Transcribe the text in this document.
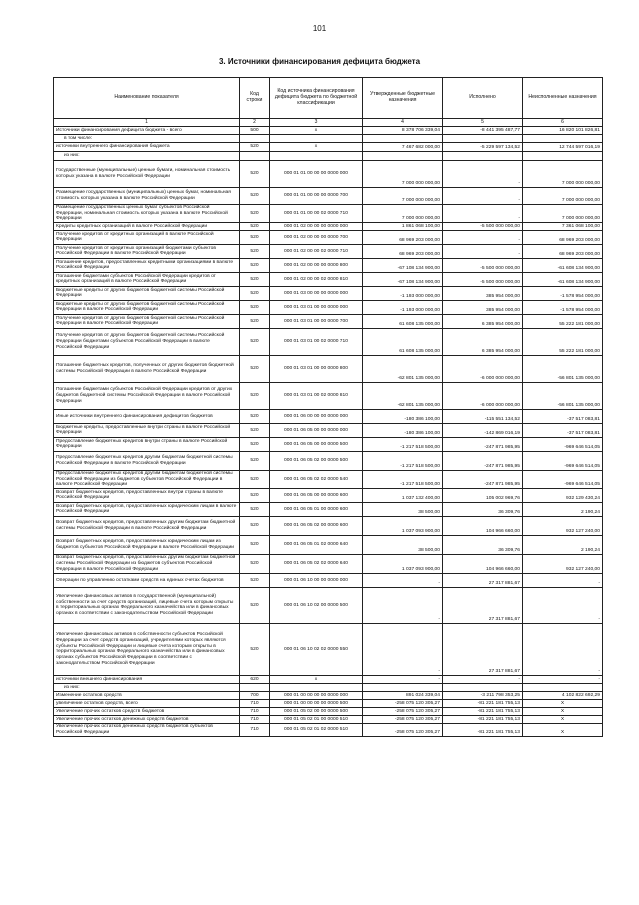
101
3. Источники финансирования дефицита бюджета
Наименование показателя	Код строки	Код источника финансирования дефицита бюджета по бюджетной классификации	Утвержденные бюджетные назначения	Исполнено	Неисполненные назначения
1	2	3	4	5	6
Источники финансирования дефицита бюджета - всего	500	x	8 378 706 339,04	-8 441 395 487,77	16 820 101 826,81
в том числе:					
источники внутреннего финансирования бюджета	520	x	7 467 682 000,00	-5 229 597 134,52	12 744 597 016,19
из них:					
Государственные (муниципальные) ценные бумаги, номинальная стоимость которых указана в валюте Российской Федерации	520	000 01 01 00 00 00 0000 000	7 000 000 000,00	-	7 000 000 000,00
Размещение государственных (муниципальных) ценных бумаг, номинальная стоимость которых указана в валюте Российской Федерации	520	000 01 01 00 00 00 0000 700	7 000 000 000,00	-	7 000 000 000,00
Размещение государственных ценных бумаг субъектов Российской Федерации, номинальная стоимость которых указана в валюте Российской Федерации	520	000 01 01 00 00 02 0000 710	7 000 000 000,00	-	7 000 000 000,00
Кредиты кредитных организаций в валюте Российской Федерации	520	000 01 02 00 00 00 0000 000	1 861 068 100,00	-5 500 000 000,00	7 361 068 100,00
Получение кредитов от кредитных организаций в валюте Российской Федерации	520	000 01 02 00 00 00 0000 700	68 969 203 000,00	-	68 969 203 000,00
Получение кредитов от кредитных организаций бюджетами субъектов Российской Федерации в валюте Российской Федерации	520	000 01 02 00 00 02 0000 710	68 969 203 000,00	-	68 969 203 000,00
Погашение кредитов, предоставленных кредитными организациями в валюте Российской Федерации	520	000 01 02 00 00 00 0000 800	-67 108 134 900,00	-5 500 000 000,00	-61 608 134 900,00
Погашение бюджетами субъектов Российской Федерации кредитов от кредитных организаций в валюте Российской Федерации	520	000 01 02 00 00 02 0000 810	-67 108 134 900,00	-5 500 000 000,00	-61 608 134 900,00
Бюджетные кредиты от других бюджетов бюджетной системы Российской Федерации	520	000 01 03 00 00 00 0000 000	-1 193 000 000,00	385 954 000,00	-1 578 954 000,00
Бюджетные кредиты от других бюджетов бюджетной системы Российской Федерации в валюте Российской Федерации	520	000 01 03 01 00 00 0000 000	-1 193 000 000,00	385 954 000,00	-1 578 954 000,00
Получение кредитов от других бюджетов бюджетной системы Российской Федерации в валюте Российской Федерации	520	000 01 03 01 00 00 0000 700	61 608 135 000,00	6 385 954 000,00	55 222 181 000,00
Получение кредитов от других бюджетов бюджетной системы Российской Федерации бюджетами субъектов Российской Федерации в валюте Российской Федерации	520	000 01 03 01 00 02 0000 710	61 608 135 000,00	6 385 954 000,00	55 222 181 000,00
Погашение бюджетных кредитов, полученных от других бюджетов бюджетной системы Российской Федерации в валюте Российской Федерации	520	000 01 03 01 00 00 0000 800	-62 801 135 000,00	-6 000 000 000,00	-56 801 135 000,00
Погашение бюджетами субъектов Российской Федерации кредитов от других бюджетов бюджетной системы Российской Федерации в валюте Российской Федерации	520	000 01 03 01 00 02 0000 810	-62 801 135 000,00	-6 000 000 000,00	-56 801 135 000,00
Иные источники внутреннего финансирования дефицитов бюджетов	520	000 01 06 00 00 00 0000 000	-180 386 100,00	-115 551 134,52	-37 517 083,81
Бюджетные кредиты, предоставленные внутри страны в валюте Российской Федерации	520	000 01 06 05 00 00 0000 000	-180 386 100,00	-142 869 016,19	-37 517 083,81
Предоставление бюджетных кредитов внутри страны в валюте Российской Федерации	520	000 01 06 05 00 00 0000 500	-1 217 518 500,00	-247 871 985,95	-969 646 514,05
Предоставление бюджетных кредитов другим бюджетам бюджетной системы Российской Федерации в валюте Российской Федерации	520	000 01 06 05 02 00 0000 500	-1 217 518 500,00	-247 871 985,95	-969 646 514,05
Предоставление бюджетных кредитов другим бюджетам бюджетной системы Российской Федерации из бюджетов субъектов Российской Федерации в валюте Российской Федерации	520	000 01 06 05 02 02 0000 540	-1 217 518 500,00	-247 871 985,95	-969 646 514,05
Возврат бюджетных кредитов, предоставленных внутри страны в валюте Российской Федерации	520	000 01 06 05 00 00 0000 600	1 037 132 400,00	105 002 969,76	932 129 430,24
Возврат бюджетных кредитов, предоставленных юридическим лицам в валюте Российской Федерации	520	000 01 06 05 01 00 0000 600	38 500,00	36 309,76	2 190,24
Возврат бюджетных кредитов, предоставленных другим бюджетам бюджетной системы Российской Федерации в валюте Российской Федерации	520	000 01 06 05 02 00 0000 600	1 037 093 900,00	104 966 660,00	932 127 240,00
Возврат бюджетных кредитов, предоставленных юридическим лицам из бюджетов субъектов Российской Федерации в валюте Российской Федерации	520	000 01 06 05 01 02 0000 640	38 500,00	36 309,76	2 190,24
Возврат бюджетных кредитов, предоставленных другим бюджетам бюджетной системы Российской Федерации из бюджетов субъектов Российской Федерации в валюте Российской Федерации	520	000 01 06 05 02 02 0000 640	1 037 093 900,00	104 966 660,00	932 127 240,00
Операции по управлению остатками средств на единых счетах бюджетов	520	000 01 06 10 00 00 0000 000	-	27 317 881,67	-
Увеличение финансовых активов в государственной (муниципальной) собственности за счет средств организаций, лицевые счета которым открыты в территориальных органах Федерального казначейства или в финансовых органах в соответствии с законодательством Российской Федерации	520	000 01 06 10 02 00 0000 500	-	27 317 881,67	-
Увеличение финансовых активов в собственности субъектов Российской Федерации за счет средств организаций, учредителями которых являются субъекты Российской Федерации и лицевые счета которым открыты в территориальных органах Федерального казначейства или в финансовых органах субъектов Российской Федерации в соответствии с законодательством Российской Федерации	520	000 01 06 10 02 02 0000 550	-	27 317 881,67	-
источники внешнего финансирования	620	x	-	-	-
из них:					
Изменение остатков средств	700	000 01 00 00 00 00 0000 000	891 024 339,04	-3 211 798 353,25	4 102 822 692,29
увеличение остатков средств, всего	710	000 01 00 00 00 00 0000 500	-258 075 120 305,27	-81 221 181 755,13	X
Увеличение прочих остатков средств бюджетов	710	000 01 05 02 00 00 0000 500	-258 075 120 305,27	-81 221 181 755,13	X
Увеличение прочих остатков денежных средств бюджетов	710	000 01 05 02 01 00 0000 510	-258 075 120 305,27	-81 221 181 755,13	X
Увеличение прочих остатков денежных средств бюджетов субъектов Российской Федерации	710	000 01 05 02 01 02 0000 510	-258 075 120 305,27	-81 221 181 755,13	X
